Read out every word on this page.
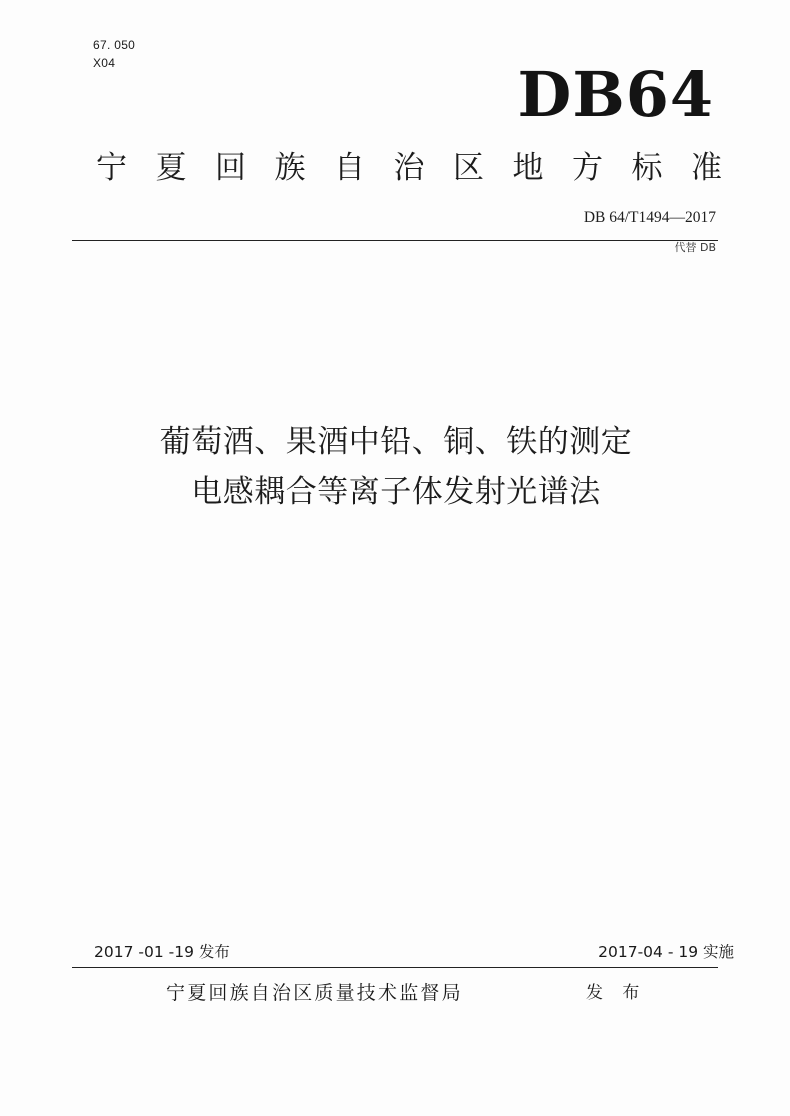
67. 050
X04	DB64
宁夏回族自治区地方标准
DB 64/T1494—2017
代替 DB
葡萄酒、果酒中铅、铜、铁的测定
电感耦合等离子体发射光谱法
2017 -01 -19 发布	2017-04 - 19 实施
宁夏回族自治区质量技术监督局	发 布
